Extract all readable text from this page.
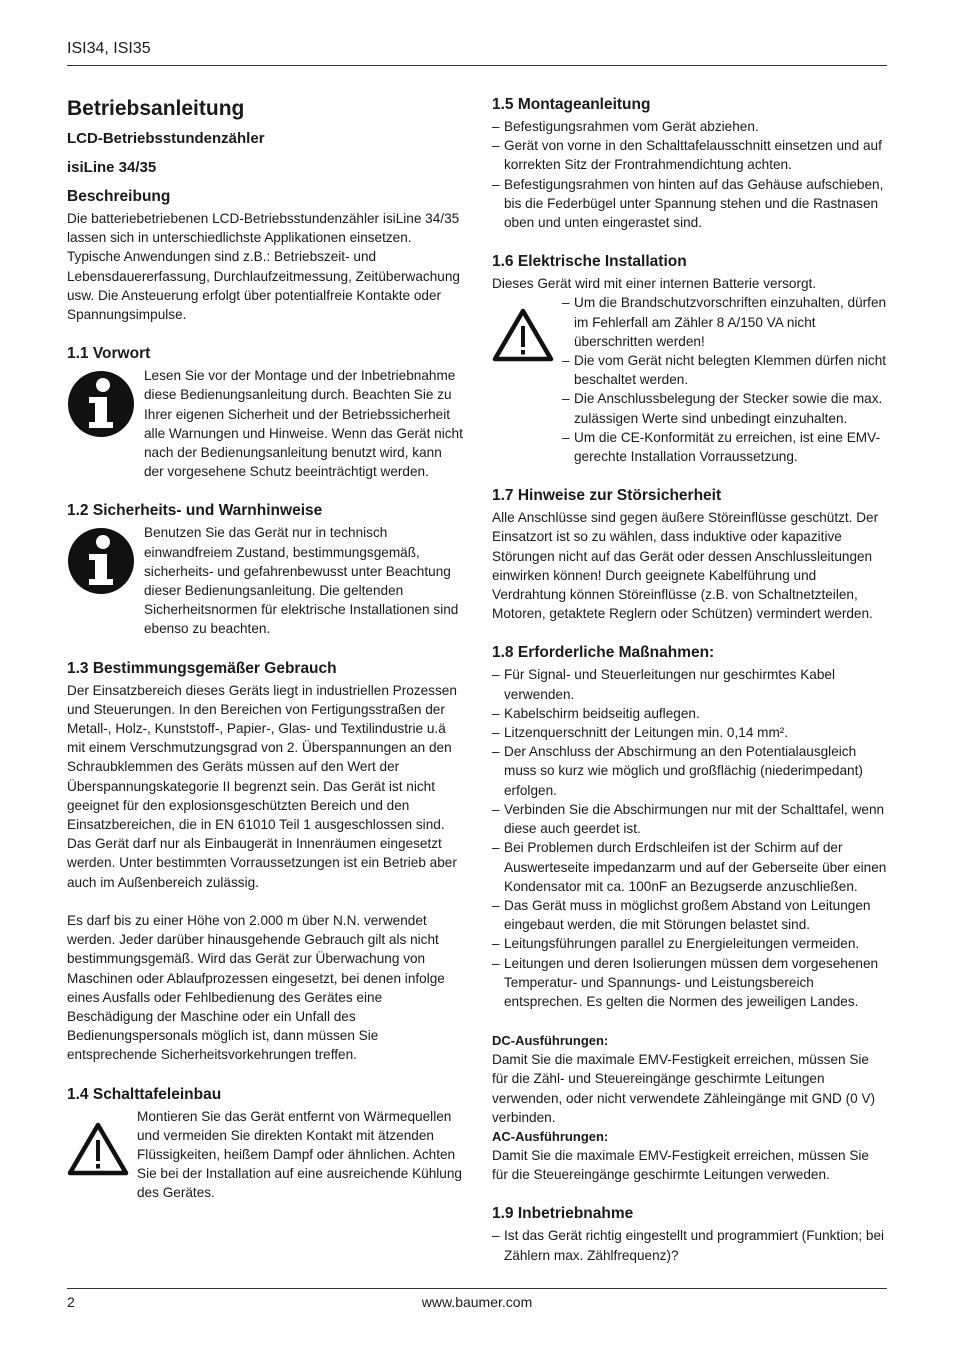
ISI34, ISI35
Betriebsanleitung
LCD-Betriebsstundenzähler
isiLine 34/35
Beschreibung

Die batteriebetriebenen LCD-Betriebsstundenzähler isiLine 34/35 lassen sich in unterschiedlichste Applikationen einsetzen. Typische Anwendungen sind z.B.: Betriebszeit- und Lebensdauererfassung, Durchlaufzeitmessung, Zeitüberwachung usw. Die Ansteuerung erfolgt über potentialfreie Kontakte oder Spannungsimpulse.

1.1 Vorwort

Lesen Sie vor der Montage und der Inbetriebnahme diese Bedienungsanleitung durch. Beachten Sie zu Ihrer eigenen Sicherheit und der Betriebssicherheit alle Warnungen und Hinweise. Wenn das Gerät nicht nach der Bedienungsanleitung benutzt wird, kann der vorgesehene Schutz beeinträchtigt werden.

1.2 Sicherheits- und Warnhinweise

Benutzen Sie das Gerät nur in technisch einwandfreiem Zustand, bestimmungsgemäß, sicherheits- und gefahrenbewusst unter Beachtung dieser Bedienungsanleitung. Die geltenden Sicherheitsnormen für elektrische Installationen sind ebenso zu beachten.

1.3 Bestimmungsgemäßer Gebrauch

Der Einsatzbereich dieses Geräts liegt in industriellen Prozessen und Steuerungen. In den Bereichen von Fertigungsstraßen der Metall-, Holz-, Kunststoff-, Papier-, Glas- und Textilindustrie u.ä mit einem Verschmutzungsgrad von 2. Überspannungen an den Schraubklemmen des Geräts müssen auf den Wert der Überspannungskategorie II begrenzt sein. Das Gerät ist nicht geeignet für den explosionsgeschützten Bereich und den Einsatzbereichen, die in EN 61010 Teil 1 ausgeschlossen sind. Das Gerät darf nur als Einbaugerät in Innenräumen eingesetzt werden. Unter bestimmten Vorraussetzungen ist ein Betrieb aber auch im Außenbereich zulässig.

Es darf bis zu einer Höhe von 2.000 m über N.N. verwendet werden. Jeder darüber hinausgehende Gebrauch gilt als nicht bestimmungsgemäß. Wird das Gerät zur Überwachung von Maschinen oder Ablaufprozessen eingesetzt, bei denen infolge eines Ausfalls oder Fehlbedienung des Gerätes eine Beschädigung der Maschine oder ein Unfall des Bedienungspersonals möglich ist, dann müssen Sie entsprechende Sicherheitsvorkehrungen treffen.

1.4 Schalttafeleinbau

Montieren Sie das Gerät entfernt von Wärmequellen und vermeiden Sie direkten Kontakt mit ätzenden Flüssigkeiten, heißem Dampf oder ähnlichen. Achten Sie bei der Installation auf eine ausreichende Kühlung des Gerätes.

1.5 Montageanleitung
– Befestigungsrahmen vom Gerät abziehen.
– Gerät von vorne in den Schalttafelausschnitt einsetzen und auf korrekten Sitz der Frontrahmendichtung achten.
– Befestigungsrahmen von hinten auf das Gehäuse aufschieben, bis die Federbügel unter Spannung stehen und die Rastnasen oben und unten eingerastet sind.
1.6 Elektrische Installation

Dieses Gerät wird mit einer internen Batterie versorgt.

– Um die Brandschutzvorschriften einzuhalten, dürfen im Fehlerfall am Zähler 8 A/150 VA nicht überschritten werden!
– Die vom Gerät nicht belegten Klemmen dürfen nicht beschaltet werden.
– Die Anschlussbelegung der Stecker sowie die max. zulässigen Werte sind unbedingt einzuhalten.
– Um die CE-Konformität zu erreichen, ist eine EMV-gerechte Installation Vorraussetzung.
1.7 Hinweise zur Störsicherheit

Alle Anschlüsse sind gegen äußere Störeinflüsse geschützt. Der Einsatzort ist so zu wählen, dass induktive oder kapazitive Störungen nicht auf das Gerät oder dessen Anschlussleitungen einwirken können! Durch geeignete Kabelführung und Verdrahtung können Störeinflüsse (z.B. von Schaltnetzteilen, Motoren, getaktete Reglern oder Schützen) vermindert werden.

1.8 Erforderliche Maßnahmen:
– Für Signal- und Steuerleitungen nur geschirmtes Kabel verwenden.
– Kabelschirm beidseitig auflegen.
– Litzenquerschnitt der Leitungen min. 0,14 mm².
– Der Anschluss der Abschirmung an den Potentialausgleich muss so kurz wie möglich und großflächig (niederimpedant) erfolgen.
– Verbinden Sie die Abschirmungen nur mit der Schalttafel, wenn diese auch geerdet ist.
– Bei Problemen durch Erdschleifen ist der Schirm auf der Auswerteseite impedanzarm und auf der Geberseite über einen Kondensator mit ca. 100nF an Bezugserde anzuschließen.
– Das Gerät muss in möglichst großem Abstand von Leitungen eingebaut werden, die mit Störungen belastet sind.
– Leitungsführungen parallel zu Energieleitungen vermeiden.
– Leitungen und deren Isolierungen müssen dem vorgesehenen Temperatur- und Spannungs- und Leistungsbereich entsprechen. Es gelten die Normen des jeweiligen Landes.
DC-Ausführungen:

Damit Sie die maximale EMV-Festigkeit erreichen, müssen Sie für die Zähl- und Steuereingänge geschirmte Leitungen verwenden, oder nicht verwendete Zähleingänge mit GND (0 V) verbinden.

AC-Ausführungen:

Damit Sie die maximale EMV-Festigkeit erreichen, müssen Sie für die Steuereingänge geschirmte Leitungen verweden.

1.9 Inbetriebnahme
– Ist das Gerät richtig eingestellt und programmiert (Funktion; bei Zählern max. Zählfrequenz)?
2	www.baumer.com
